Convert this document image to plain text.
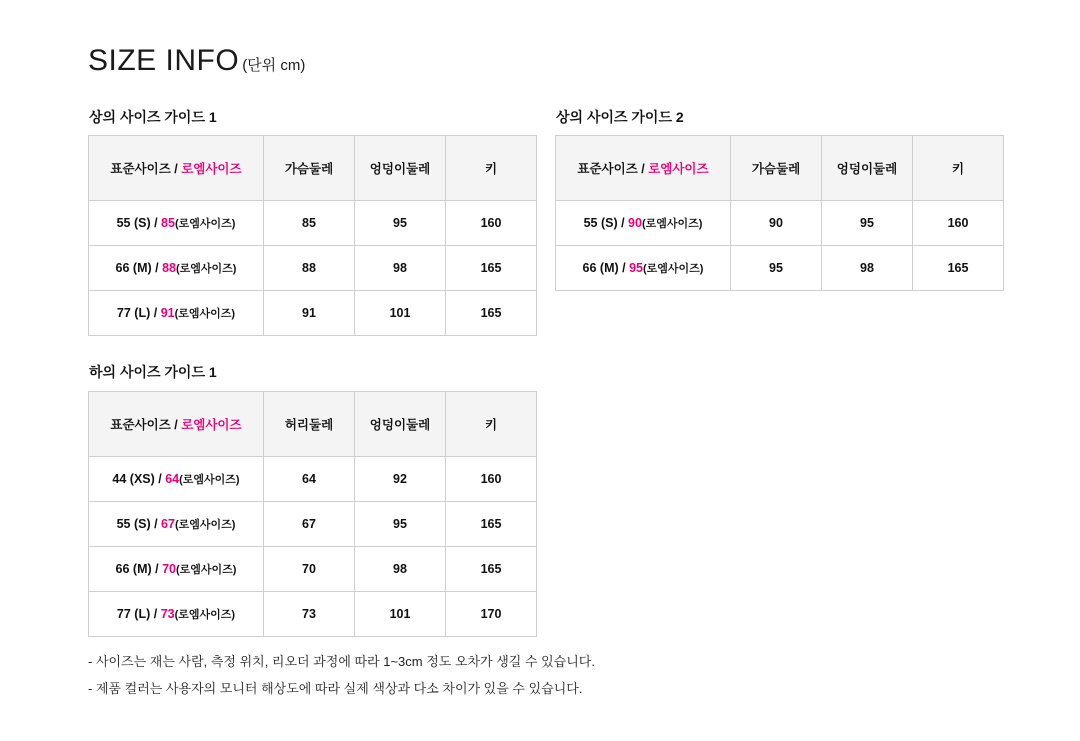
SIZE INFO (단위 cm)
상의 사이즈 가이드 1
표준사이즈 / 로엠사이즈	가슴둘레	엉덩이둘레	키
55 (S) / 85(로엠사이즈)	85	95	160
66 (M) / 88(로엠사이즈)	88	98	165
77 (L) / 91(로엠사이즈)	91	101	165
상의 사이즈 가이드 2
표준사이즈 / 로엠사이즈	가슴둘레	엉덩이둘레	키
55 (S) / 90(로엠사이즈)	90	95	160
66 (M) / 95(로엠사이즈)	95	98	165
하의 사이즈 가이드 1
표준사이즈 / 로엠사이즈	허리둘레	엉덩이둘레	키
44 (XS) / 64(로엠사이즈)	64	92	160
55 (S) / 67(로엠사이즈)	67	95	165
66 (M) / 70(로엠사이즈)	70	98	165
77 (L) / 73(로엠사이즈)	73	101	170
- 사이즈는 재는 사람, 측정 위치, 리오더 과정에 따라 1~3cm 정도 오차가 생길 수 있습니다.
- 제품 컬러는 사용자의 모니터 해상도에 따라 실제 색상과 다소 차이가 있을 수 있습니다.
